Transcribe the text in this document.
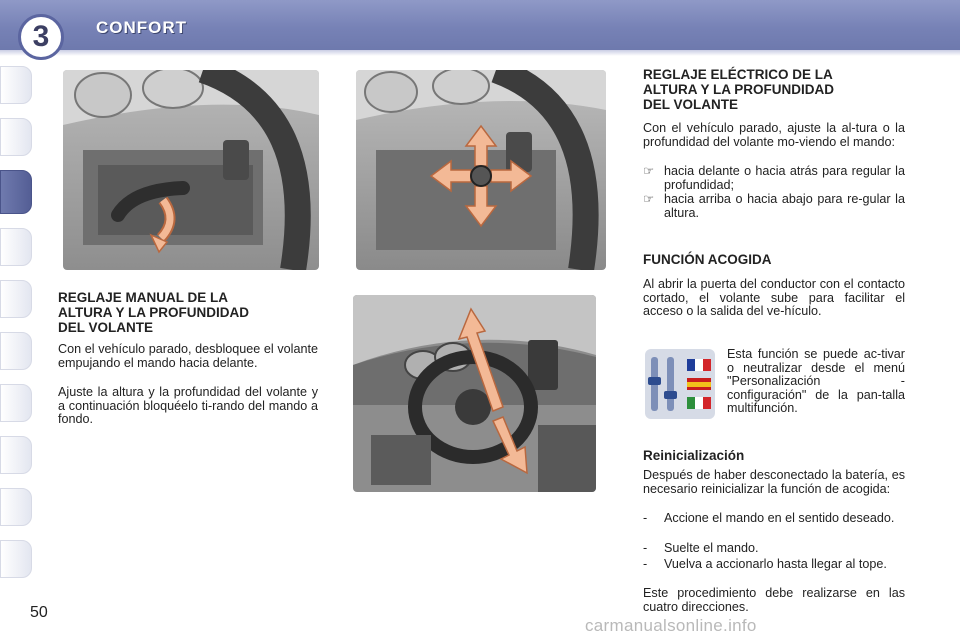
3	CONFORT
REGLAJE MANUAL DE LA
ALTURA Y LA PROFUNDIDAD
DEL VOLANTE
Con el vehículo parado, desbloquee el volante empujando el mando hacia delante.
Ajuste la altura y la profundidad del volante y a continuación bloquéelo ti-rando del mando a fondo.
REGLAJE ELÉCTRICO DE LA
ALTURA Y LA PROFUNDIDAD
DEL VOLANTE
Con el vehículo parado, ajuste la al-tura o la profundidad del volante mo-viendo el mando:
☞ hacia delante o hacia atrás para regular la profundidad;
☞ hacia arriba o hacia abajo para re-gular la altura.
FUNCIÓN ACOGIDA
Al abrir la puerta del conductor con el contacto cortado, el volante sube para facilitar el acceso o la salida del ve-hículo.
Esta función se puede ac-tivar o neutralizar desde el menú "Personalización - configuración" de la pan-talla multifunción.
Reinicialización
Después de haber desconectado la batería, es necesario reinicializar la función de acogida:
-	Accione el mando en el sentido deseado.
-	Suelte el mando.
-	Vuelva a accionarlo hasta llegar al tope.
Este procedimiento debe realizarse en las cuatro direcciones.
50
carmanualsonline.info
